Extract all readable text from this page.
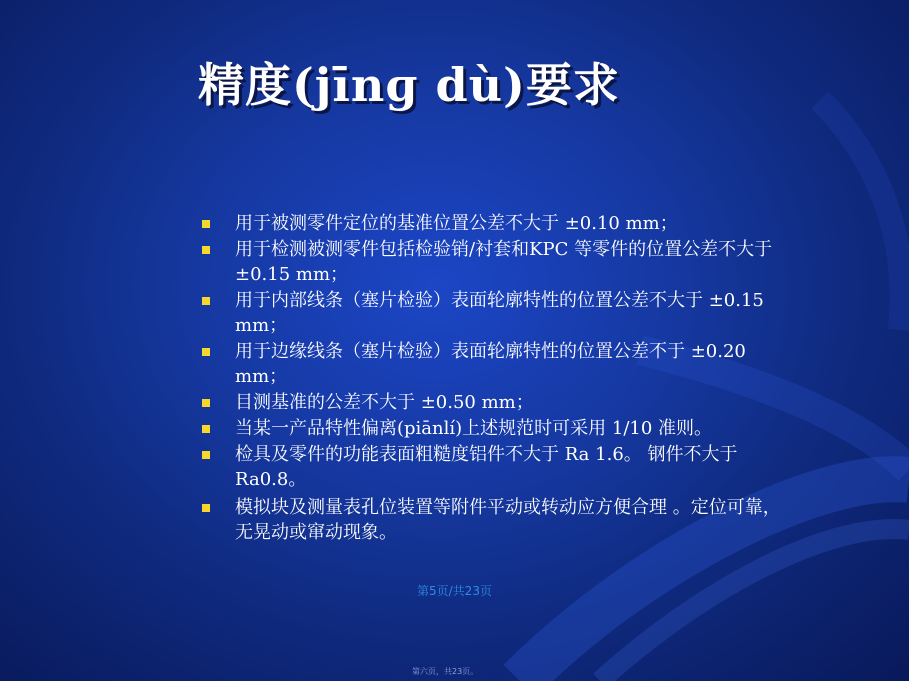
精度(jīnɡ dù)要求
用于被测零件定位的基准位置公差不大于 ±0.10 mm；
用于检测被测零件包括检验销/衬套和KPC 等零件的位置公差不大于 ±0.15 mm；
用于内部线条（塞片检验）表面轮廓特性的位置公差不大于 ±0.15 mm；
用于边缘线条（塞片检验）表面轮廓特性的位置公差不于 ±0.20 mm；
目测基准的公差不大于 ±0.50 mm；
当某一产品特性偏离(piānlí)上述规范时可采用 1/10 准则。
检具及零件的功能表面粗糙度铝件不大于 Ra 1.6。 钢件不大于 Ra0.8。
模拟块及测量表孔位装置等附件平动或转动应方便合理 。定位可靠，无晃动或窜动现象。
第5页/共23页
第六页，共23页。
